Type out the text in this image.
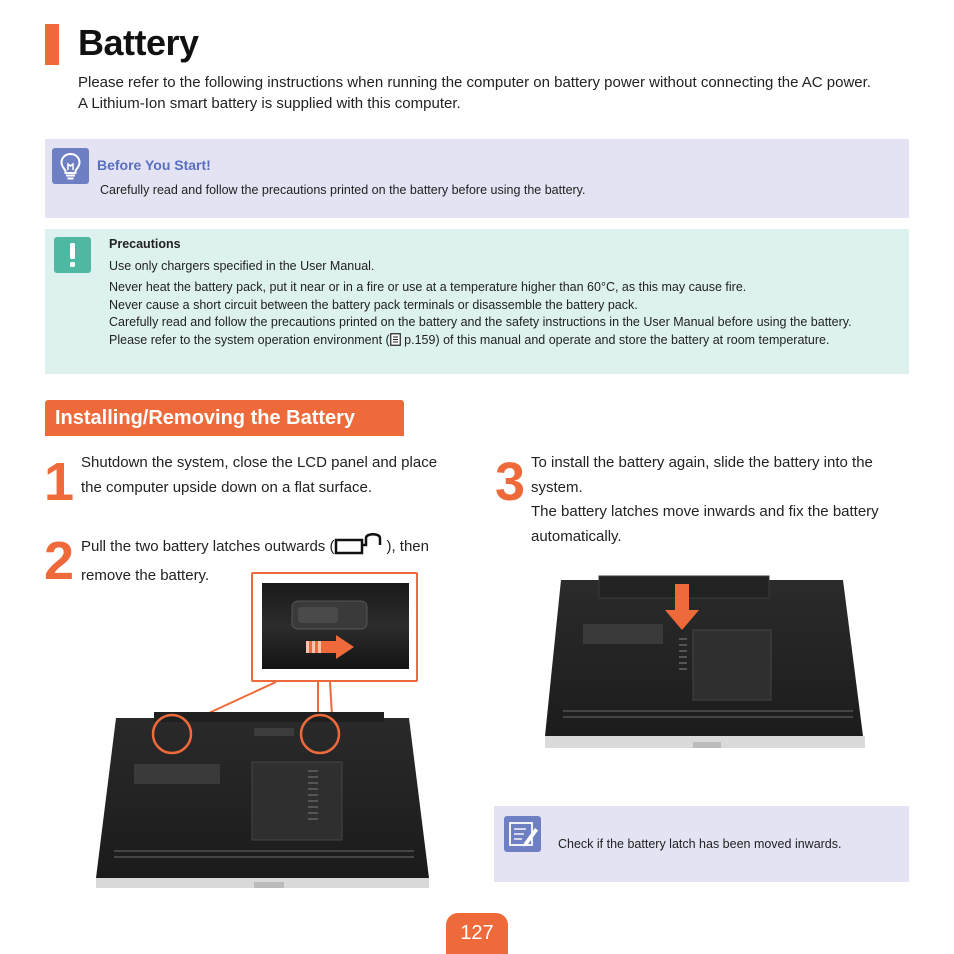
Battery

Please refer to the following instructions when running the computer on battery power without connecting the AC power.

A Lithium-Ion smart battery is supplied with this computer.

Before You Start!
Carefully read and follow the precautions printed on the battery before using the battery.
Precautions

Use only chargers specified in the User Manual.

Never heat the battery pack, put it near or in a fire or use at a temperature higher than 60°C, as this may cause fire.

Never cause a short circuit between the battery pack terminals or disassemble the battery pack.

Carefully read and follow the precautions printed on the battery and the safety instructions in the User Manual before using the battery.

Please refer to the system operation environment ( p.159) of this manual and operate and store the battery at room temperature.

Installing/Removing the Battery
1 Shutdown the system, close the LCD panel and place the computer upside down on a flat surface.
2 Pull the two battery latches outwards (	), then remove the battery.
3 To install the battery again, slide the battery into the system.

The battery latches move inwards and fix the battery automatically.

Check if the battery latch has been moved inwards.
127
